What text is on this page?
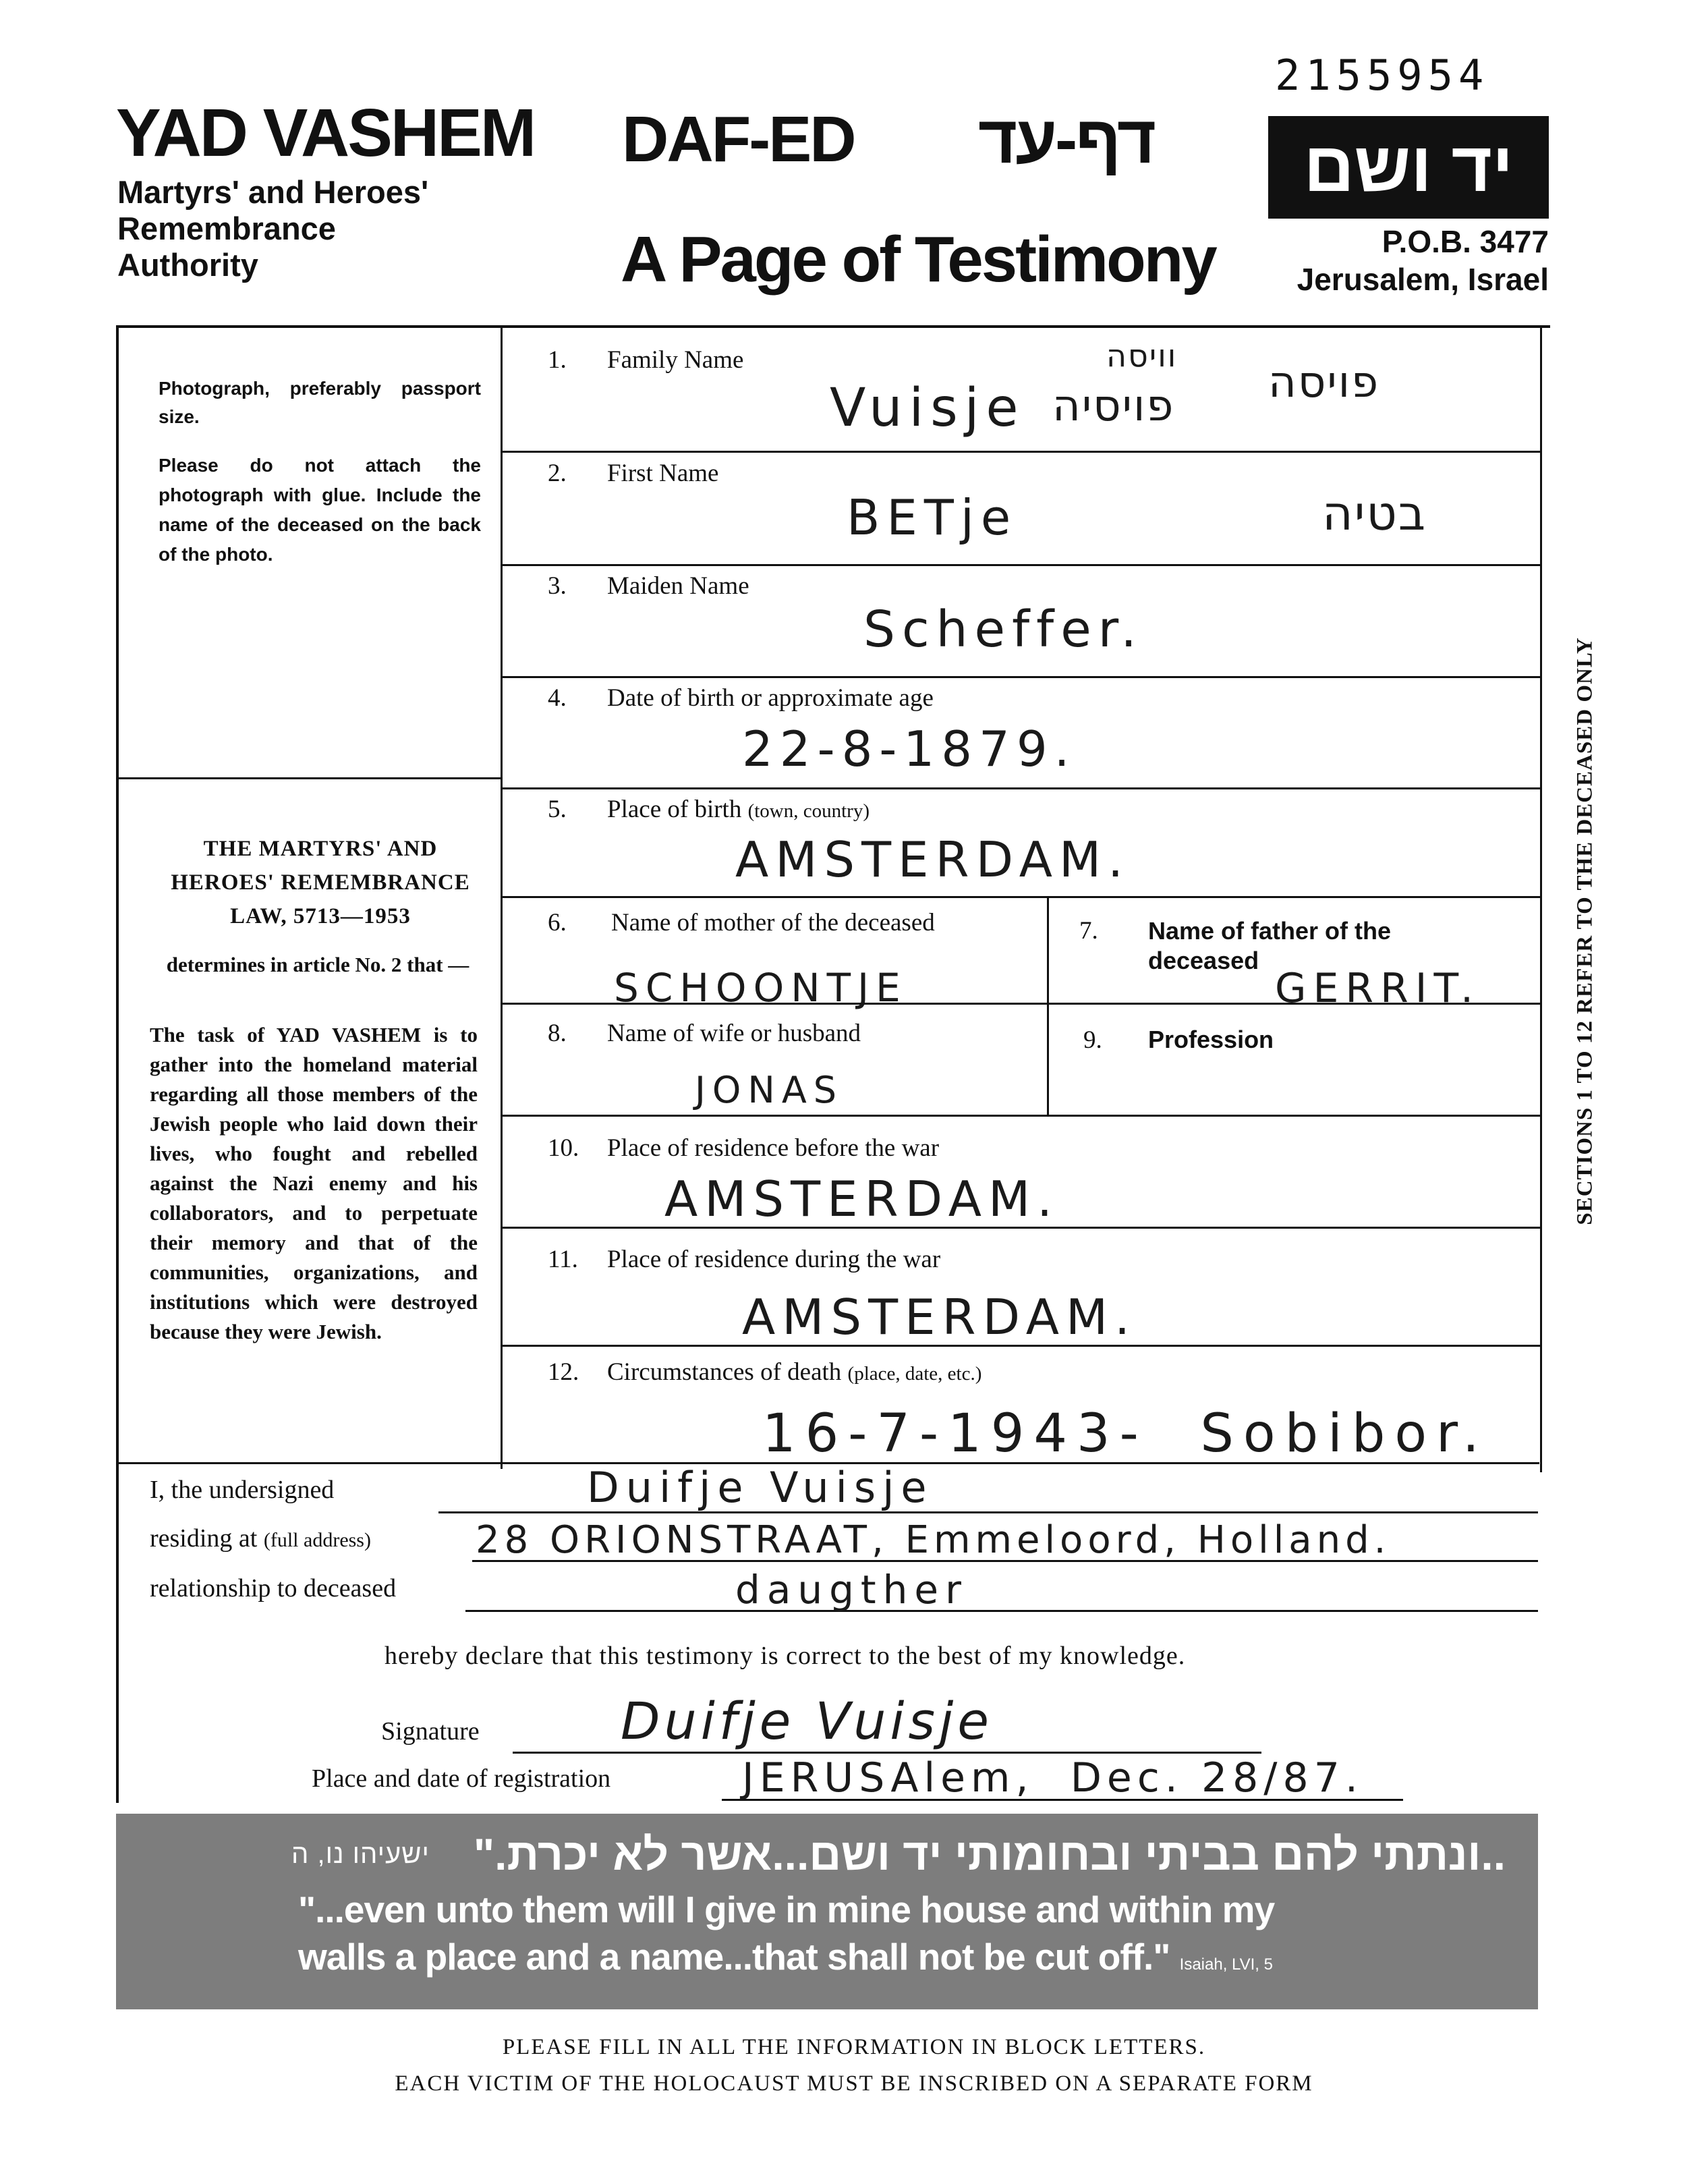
2155954
YAD VASHEM
Martyrs' and Heroes'
Remembrance
Authority
DAF-ED דף-עד
A Page of Testimony
יד ושם
P.O.B. 3477
Jerusalem, Israel
Photograph, preferably passport size.
Please do not attach the photograph with glue. Include the name of the deceased on the back of the photo.
THE MARTYRS' AND HEROES' REMEMBRANCE LAW, 5713—1953
determines in article No. 2 that —
The task of YAD VASHEM is to gather into the homeland material regarding all those members of the Jewish people who laid down their lives, who fought and rebelled against the Nazi enemy and his collaborators, and to perpetuate their memory and that of the communities, organizations, and institutions which were destroyed because they were Jewish.
1. Family Name
Vuisje פויסיה פויסה
וויסה
2. First Name
BETje	בטיה
3. Maiden Name
Scheffer.
4. Date of birth or approximate age
22-8-1879.
5. Place of birth (town, country)
AMSTERDAM.
6. Name of mother of the deceased
SCHOONTJE
7. Name of father of the deceased
GERRIT.
8. Name of wife or husband
JONAS
9. Profession
10. Place of residence before the war
AMSTERDAM.
11. Place of residence during the war
AMSTERDAM.
12. Circumstances of death (place, date, etc.)
16-7-1943-  Sobibor.
SECTIONS 1 TO 12 REFER TO THE DECEASED ONLY
I, the undersigned	Duifje Vuisje
residing at (full address)	28 ORIONSTRAAT, Emmeloord, Holland.
relationship to deceased	daugther
hereby declare that this testimony is correct to the best of my knowledge.
Signature	Duifje Vuisje
Place and date of registration	JERUSAlem,  Dec. 28/87.
ישעיהו נו, ה ..ונתתי להם בביתי ובחומותי יד ושם...אשר לא יכרת."
"...even unto them will I give in mine house and within my
walls a place and a name...that shall not be cut off." Isaiah, LVI, 5
PLEASE FILL IN ALL THE INFORMATION IN BLOCK LETTERS.
EACH VICTIM OF THE HOLOCAUST MUST BE INSCRIBED ON A SEPARATE FORM
